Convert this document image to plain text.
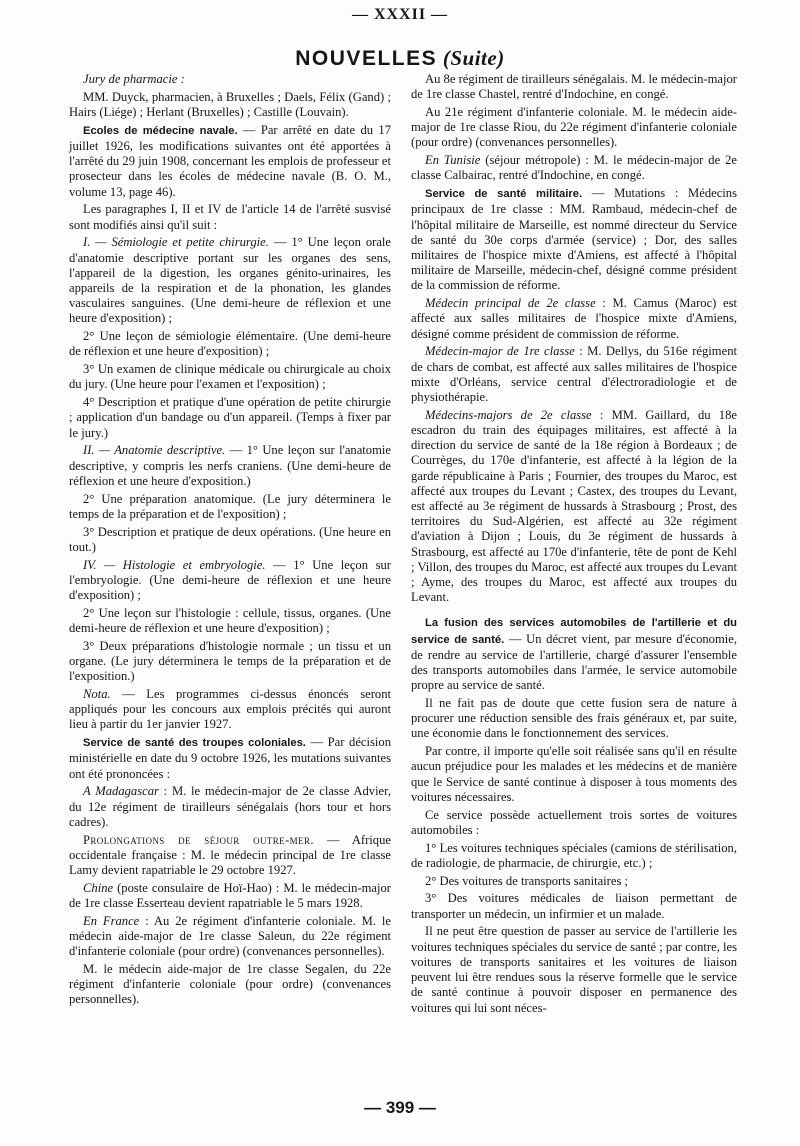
— XXXII —
NOUVELLES (Suite)

Jury de pharmacie :

MM. Duyck, pharmacien, à Bruxelles ; Daels, Félix (Gand) ; Hairs (Liége) ; Herlant (Bruxelles) ; Castille (Louvain).

Ecoles de médecine navale. — Par arrêté en date du 17 juillet 1926, les modifications suivantes ont été apportées à l'arrêté du 29 juin 1908, concernant les emplois de professeur et prosecteur dans les écoles de médecine navale (B. O. M., volume 13, page 46).

Les paragraphes I, II et IV de l'article 14 de l'arrêté susvisé sont modifiés ainsi qu'il suit :

I. — Sémiologie et petite chirurgie. — 1° Une leçon orale d'anatomie descriptive portant sur les organes des sens, l'appareil de la digestion, les organes génito-urinaires, les appareils de la respiration et de la phonation, les glandes vasculaires sanguines. (Une demi-heure de réflexion et une heure d'exposition) ;

2° Une leçon de sémiologie élémentaire. (Une demi-heure de réflexion et une heure d'exposition) ;

3° Un examen de clinique médicale ou chirurgicale au choix du jury. (Une heure pour l'examen et l'exposition) ;

4° Description et pratique d'une opération de petite chirurgie ; application d'un bandage ou d'un appareil. (Temps à fixer par le jury.)

II. — Anatomie descriptive. — 1° Une leçon sur l'anatomie descriptive, y compris les nerfs craniens. (Une demi-heure de réflexion et une heure d'exposition.)

2° Une préparation anatomique. (Le jury déterminera le temps de la préparation et de l'exposition) ;

3° Description et pratique de deux opérations. (Une heure en tout.)

IV. — Histologie et embryologie. — 1° Une leçon sur l'embryologie. (Une demi-heure de réflexion et une heure d'exposition) ;

2° Une leçon sur l'histologie : cellule, tissus, organes. (Une demi-heure de réflexion et une heure d'exposition) ;

3° Deux préparations d'histologie normale ; un tissu et un organe. (Le jury déterminera le temps de la préparation et de l'exposition.)

Nota. — Les programmes ci-dessus énoncés seront appliqués pour les concours aux emplois précités qui auront lieu à partir du 1er janvier 1927.

Service de santé des troupes coloniales. — Par décision ministérielle en date du 9 octobre 1926, les mutations suivantes ont été prononcées :

A Madagascar : M. le médecin-major de 2e classe Advier, du 12e régiment de tirailleurs sénégalais (hors tour et hors cadres).

Prolongations de séjour outre-mer. — Afrique occidentale française : M. le médecin principal de 1re classe Lamy devient rapatriable le 29 octobre 1927.

Chine (poste consulaire de Hoï-Hao) : M. le médecin-major de 1re classe Esserteau devient rapatriable le 5 mars 1928.

En France : Au 2e régiment d'infanterie coloniale. M. le médecin aide-major de 1re classe Saleun, du 22e régiment d'infanterie coloniale (pour ordre) (convenances personnelles).

M. le médecin aide-major de 1re classe Segalen, du 22e régiment d'infanterie coloniale (pour ordre) (convenances personnelles).

Au 8e régiment de tirailleurs sénégalais. M. le médecin-major de 1re classe Chastel, rentré d'Indochine, en congé.

Au 21e régiment d'infanterie coloniale. M. le médecin aide-major de 1re classe Riou, du 22e régiment d'infanterie coloniale (pour ordre) (convenances personnelles).

En Tunisie (séjour métropole) : M. le médecin-major de 2e classe Calbairac, rentré d'Indochine, en congé.

Service de santé militaire. — Mutations : Médecins principaux de 1re classe : MM. Rambaud, médecin-chef de l'hôpital militaire de Marseille, est nommé directeur du Service de santé du 30e corps d'armée (service) ; Dor, des salles militaires de l'hospice mixte d'Amiens, est affecté à l'hôpital militaire de Marseille, médecin-chef, désigné comme président de la commission de réforme.

Médecin principal de 2e classe : M. Camus (Maroc) est affecté aux salles militaires de l'hospice mixte d'Amiens, désigné comme président de commission de réforme.

Médecin-major de 1re classe : M. Dellys, du 516e régiment de chars de combat, est affecté aux salles militaires de l'hospice mixte d'Orléans, service central d'électroradiologie et de physiothérapie.

Médecins-majors de 2e classe : MM. Gaillard, du 18e escadron du train des équipages militaires, est affecté à la direction du service de santé de la 18e région à Bordeaux ; de Courrèges, du 170e d'infanterie, est affecté à la légion de la garde républicaine à Paris ; Fournier, des troupes du Maroc, est affecté aux troupes du Levant ; Castex, des troupes du Levant, est affecté au 3e régiment de hussards à Strasbourg ; Prost, des territoires du Sud-Algérien, est affecté au 32e régiment d'aviation à Dijon ; Louis, du 3e régiment de hussards à Strasbourg, est affecté au 170e d'infanterie, tête de pont de Kehl ; Villon, des troupes du Maroc, est affecté aux troupes du Levant ; Ayme, des troupes du Maroc, est affecté aux troupes du Levant.

La fusion des services automobiles de l'artillerie et du service de santé. — Un décret vient, par mesure d'économie, de rendre au service de l'artillerie, chargé d'assurer l'ensemble des transports automobiles dans l'armée, le service automobile propre au service de santé.

Il ne fait pas de doute que cette fusion sera de nature à procurer une réduction sensible des frais généraux et, par suite, une économie dans le fonctionnement des services.

Par contre, il importe qu'elle soit réalisée sans qu'il en résulte aucun préjudice pour les malades et les médecins et de manière que le Service de santé continue à disposer à tous moments des voitures nécessaires.

Ce service possède actuellement trois sortes de voitures automobiles :

1° Les voitures techniques spéciales (camions de stérilisation, de radiologie, de pharmacie, de chirurgie, etc.) ;

2° Des voitures de transports sanitaires ;

3° Des voitures médicales de liaison permettant de transporter un médecin, un infirmier et un malade.

Il ne peut être question de passer au service de l'artillerie les voitures techniques spéciales du service de santé ; par contre, les voitures de transports sanitaires et les voitures de liaison peuvent lui être rendues sous la réserve formelle que le service de santé continue à pouvoir disposer en permanence des voitures qui lui sont néces-

— 399 —
